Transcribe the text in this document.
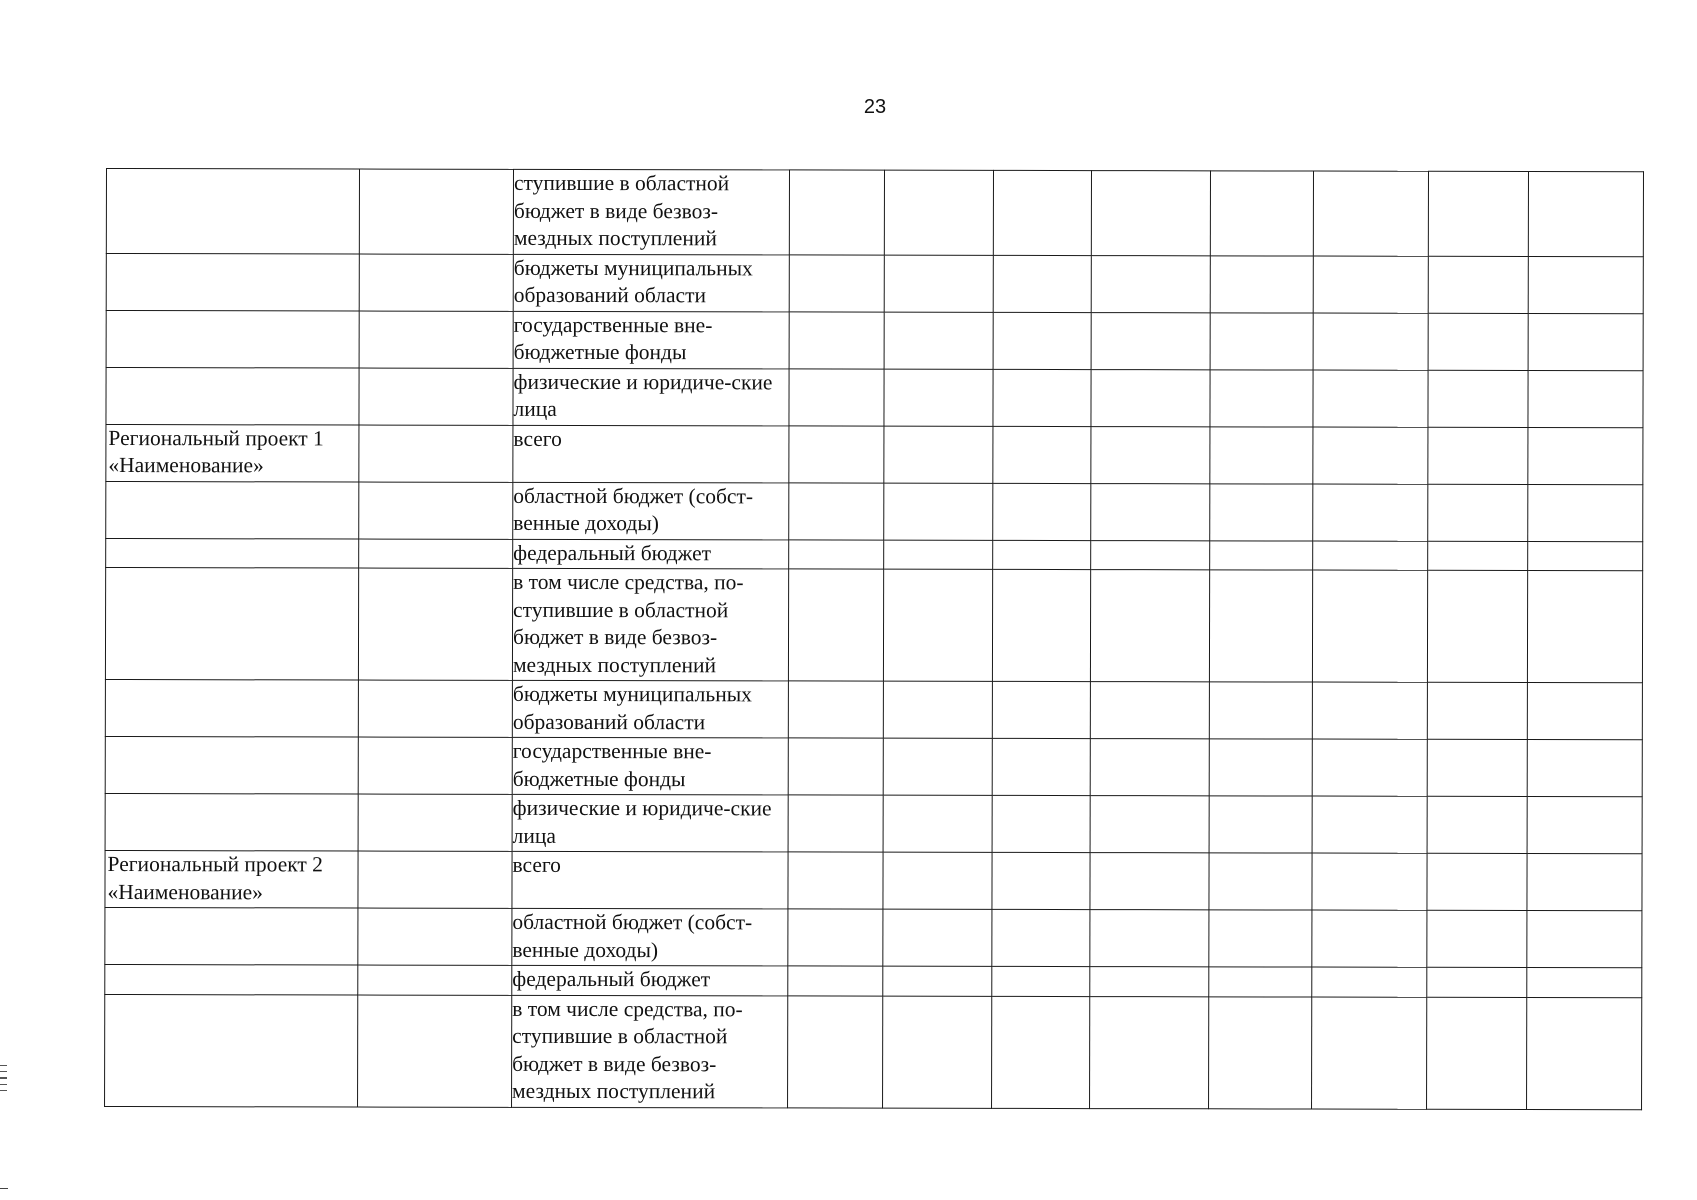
23
		ступившие в областной бюджет в виде безвоз-мездных поступлений								
		бюджеты муниципальных образований области								
		государственные вне-бюджетные фонды								
		физические и юридиче-ские лица								
Региональный проект 1 «Наименование»		всего								
		областной бюджет (собст-венные доходы)								
		федеральный бюджет								
		в том числе средства, по-ступившие в областной бюджет в виде безвоз-мездных поступлений								
		бюджеты муниципальных образований области								
		государственные вне-бюджетные фонды								
		физические и юридиче-ские лица								
Региональный проект 2 «Наименование»		всего								
		областной бюджет (собст-венные доходы)								
		федеральный бюджет								
		в том числе средства, по-ступившие в областной бюджет в виде безвоз-мездных поступлений								
